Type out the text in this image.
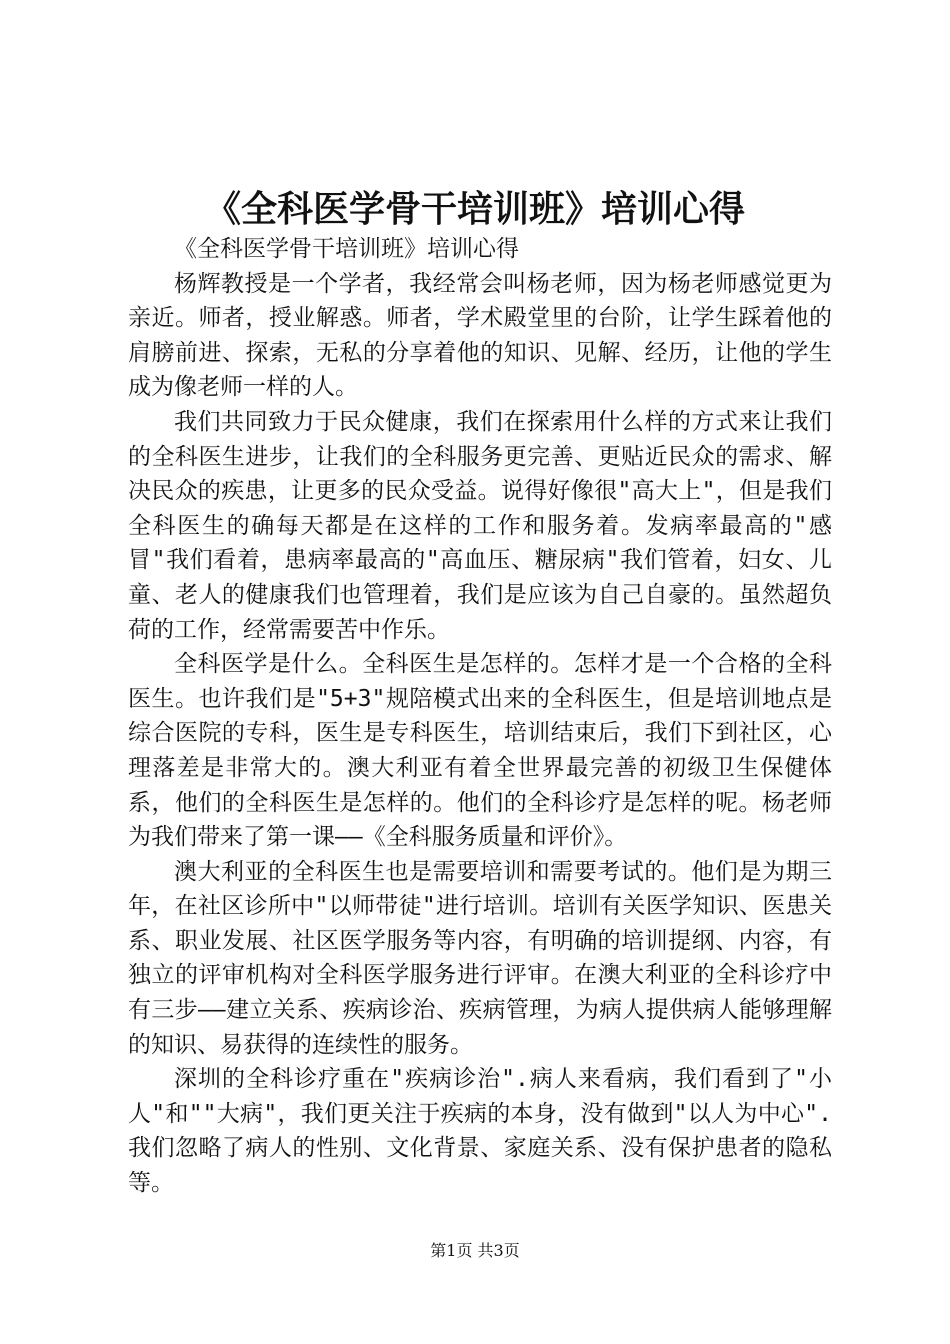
《全科医学骨干培训班》培训心得

《全科医学骨干培训班》培训心得

杨辉教授是一个学者，我经常会叫杨老师，因为杨老师感觉更为亲近。师者，授业解惑。师者，学术殿堂里的台阶，让学生踩着他的肩膀前进、探索，无私的分享着他的知识、见解、经历，让他的学生成为像老师一样的人。

我们共同致力于民众健康，我们在探索用什么样的方式来让我们的全科医生进步，让我们的全科服务更完善、更贴近民众的需求、解决民众的疾患，让更多的民众受益。说得好像很"高大上"，但是我们全科医生的确每天都是在这样的工作和服务着。发病率最高的"感冒"我们看着，患病率最高的"高血压、糖尿病"我们管着，妇女、儿童、老人的健康我们也管理着，我们是应该为自己自豪的。虽然超负荷的工作，经常需要苦中作乐。

全科医学是什么。全科医生是怎样的。怎样才是一个合格的全科医生。也许我们是"5+3"规陪模式出来的全科医生，但是培训地点是综合医院的专科，医生是专科医生，培训结束后，我们下到社区，心理落差是非常大的。澳大利亚有着全世界最完善的初级卫生保健体系，他们的全科医生是怎样的。他们的全科诊疗是怎样的呢。杨老师为我们带来了第一课——《全科服务质量和评价》。

澳大利亚的全科医生也是需要培训和需要考试的。他们是为期三年，在社区诊所中"以师带徒"进行培训。培训有关医学知识、医患关系、职业发展、社区医学服务等内容，有明确的培训提纲、内容，有独立的评审机构对全科医学服务进行评审。在澳大利亚的全科诊疗中有三步——建立关系、疾病诊治、疾病管理，为病人提供病人能够理解的知识、易获得的连续性的服务。

深圳的全科诊疗重在"疾病诊治".病人来看病，我们看到了"小人"和""大病"，我们更关注于疾病的本身，没有做到"以人为中心".我们忽略了病人的性别、文化背景、家庭关系、没有保护患者的隐私等。

第1页 共3页
